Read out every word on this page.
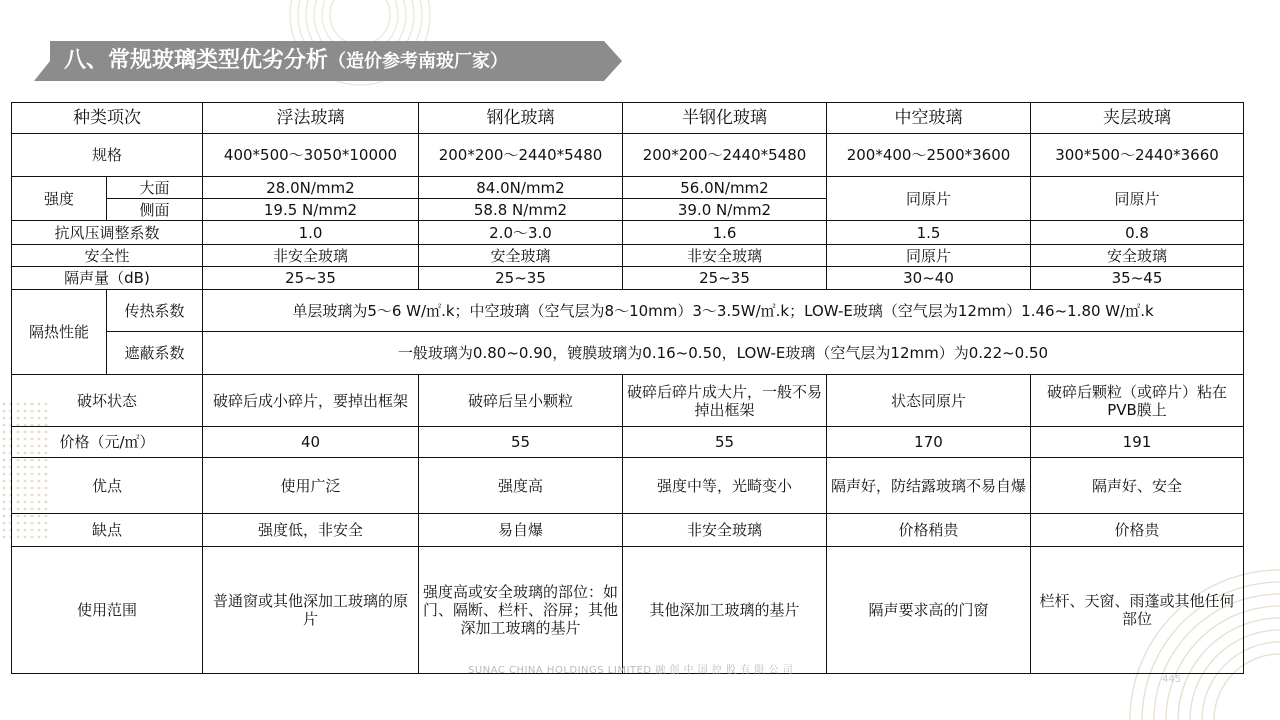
八、常规玻璃类型优劣分析（造价参考南玻厂家）
种类项次		浮法玻璃	钢化玻璃	半钢化玻璃	中空玻璃	夹层玻璃
规格		400*500～3050*10000	200*200～2440*5480	200*200～2440*5480	200*400～2500*3600	300*500～2440*3660
强度	大面	28.0N/mm2	84.0N/mm2	56.0N/mm2	同原片	同原片
	侧面	19.5 N/mm2	58.8 N/mm2	39.0 N/mm2		
抗风压调整系数		1.0	2.0～3.0	1.6	1.5	0.8
安全性		非安全玻璃	安全玻璃	非安全玻璃	同原片	安全玻璃
隔声量（dB)		25~35	25~35	25~35	30~40	35~45
隔热性能	传热系数	单层玻璃为5～6 W/㎡.k；中空玻璃（空气层为8～10mm）3～3.5W/㎡.k；LOW-E玻璃（空气层为12mm）1.46~1.80 W/㎡.k				
	遮蔽系数	一般玻璃为0.80~0.90，镀膜玻璃为0.16~0.50，LOW-E玻璃（空气层为12mm）为0.22~0.50				
破坏状态		破碎后成小碎片，要掉出框架	破碎后呈小颗粒	破碎后碎片成大片，一般不易掉出框架	状态同原片	破碎后颗粒（或碎片）粘在PVB膜上
价格（元/㎡）		40	55	55	170	191
优点		使用广泛	强度高	强度中等，光畸变小	隔声好，防结露玻璃不易自爆	隔声好、安全
缺点		强度低，非安全	易自爆	非安全玻璃	价格稍贵	价格贵
使用范围		普通窗或其他深加工玻璃的原片	强度高或安全玻璃的部位：如门、隔断、栏杆、浴屏；其他深加工玻璃的基片	其他深加工玻璃的基片	隔声要求高的门窗	栏杆、天窗、雨蓬或其他任何部位
SUNAC CHINA HOLDINGS LIMITED 融 创 中 国 控 股 有 限 公 司
445
